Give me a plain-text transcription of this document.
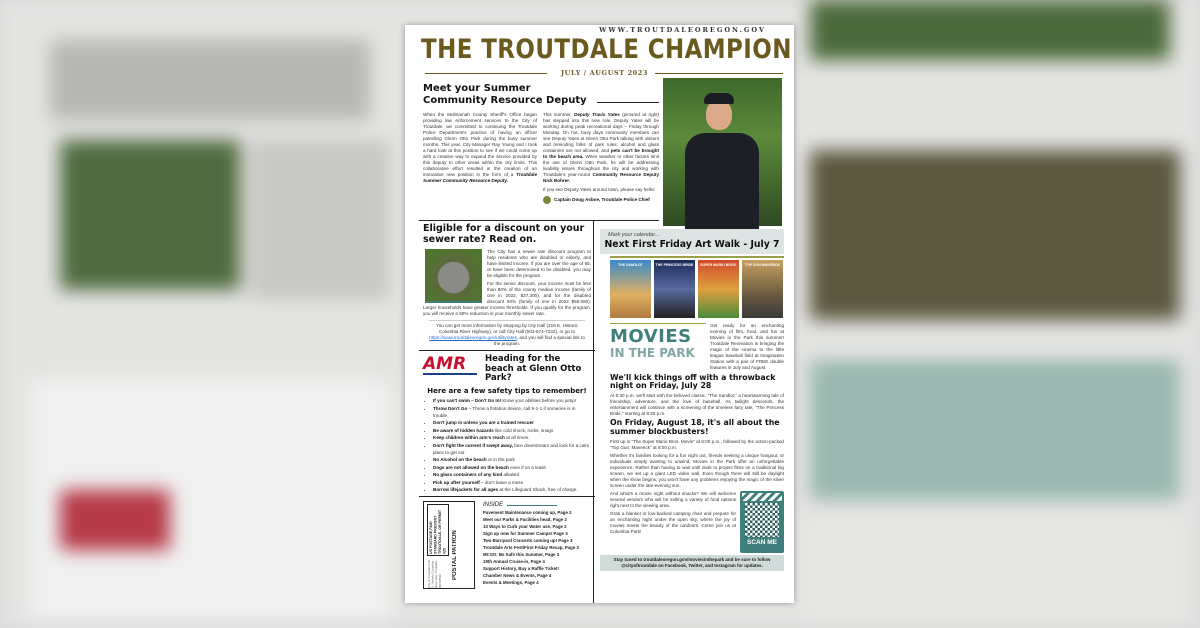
WWW.TROUTDALEOREGON.GOV
THE TROUTDALE CHAMPION
JULY / AUGUST 2023
Meet your Summer Community Resource Deputy
When the Multnomah County Sheriff's Office began providing law enforcement services to the City of Troutdale, we committed to continuing the Troutdale Police Department's practice of having an officer patrolling Glenn Otto Park during the busy summer months. This year, City Manager Ray Young and I took a hard look at this position to see if we could come up with a creative way to expand the service provided by this deputy to other areas within the city limits. This collaborative effort resulted in the creation of an innovative new position in the form of a Troutdale Summer Community Resource Deputy.
This summer, Deputy Travis Yates (pictured at right) has stepped into this new role. Deputy Yates will be working during peak recreational days – Friday through Monday. On hot, busy days community members can see Deputy Yates at Glenn Otto Park talking with visitors and reminding folks of park rules: alcohol and glass containers are not allowed, and pets can't be brought to the beach area. When weather or other factors limit the use of Glenn Otto Park, he will be addressing livability issues throughout the city and working with Troutdale's year-round Community Resource Deputy Nick Bohrer.
If you see Deputy Yates around town, please say hello!
Captain Doug Asboe, Troutdale Police Chief
Eligible for a discount on your sewer rate? Read on.
The City has a sewer rate discount program to help residents who are disabled or elderly, and have limited income. If you are over the age of 65, or have been determined to be disabled, you may be eligible for the program.
For the senior discount, your income must be less than 80% of the county median income (family of one in 2022, $37,300), and for the disabled discount 50% (family of one in 2022 $59,680). Larger households have greater income thresholds. If you qualify for the program, you will receive a 50% reduction in your monthly sewer rate.
You can get more information by stopping by City Hall (219 E. Historic Columbia River Highway), or call City Hall (503-674-7232), or go to https://www.troutdaleoregon.gov/utilityrates, and you will find a special link to the program.
AMR	Heading for the beach at Glenn Otto Park?
Here are a few safety tips to remember!
• If you can't swim – Don't Go In! Know your abilities before you jump!
• Throw Don't Go – Throw a flotation device, call 9-1-1 if someone is in trouble.
• Don't jump in unless you are a trained rescuer
• Be aware of hidden hazards like cold shock, rocks, snags
• Keep children within arm's reach at all times.
• Don't fight the current if swept away, face downstream and look for a calm place to get out
• No Alcohol on the beach or in the park
• Dogs are not allowed on the beach even if on a leash
• No glass containers of any kind allowed
• Pick up after yourself – don't leave a mess
• Borrow lifejackets for all ages at the Lifeguard Shack, free of charge.
US POSTAGE PAID STANDARD PRESORT TROUTDALE, OR PERMIT 025
City of Troutdale 219 E. Historic Columbia River Hwy Troutdale, OR 97060
POSTAL PATRON
INSIDE
Pavement Maintenance coming up, Page 2
Meet our Parks & Facilities head, Page 2
10 Ways to Curb your Water use, Page 2
Sign up now for Summer Camps! Page 3
Two Barnyard Concerts coming up! Page 3
Troutdale Arts Fest/First Friday Recap, Page 3
MCSO: Be Safe this Summer, Page 3
19th Annual Cruise-in, Page 4
Support History, Buy a Raffle Ticket!
Chamber News & Events, Page 4
Events & Meetings, Page 4
Mark your calendar...
Next First Friday Art Walk - July 7
THE SANDLOT	THE PRINCESS BRIDE	SUPER MARIO BROS.	TOP GUN MAVERICK
MOVIES
IN THE PARK
Get ready for an enchanting evening of film, food, and fun at Movies in the Park this summer! Troutdale Recreation is bringing the magic of the cinema to the little league baseball field at Imagination Station with a pair of FREE double features in July and August.
We'll kick things off with a throwback night on Friday, July 28
At 6:30 p.m. we'll start with the beloved classic, "The Sandlot," a heartwarming tale of friendship, adventure, and the love of baseball. As twilight descends, the entertainment will continue with a screening of the timeless fairy tale, "The Princess Bride," starting at 8:30 p.m.
On Friday, August 18, it's all about the summer blockbusters!
First up is "The Super Mario Bros. Movie" at 6:00 p.m., followed by the action-packed "Top Gun: Maverick" at 8:00 p.m.
Whether it's families looking for a fun night out, friends seeking a unique hangout, or individuals simply wanting to unwind, Movies in the Park offer an unforgettable experience. Rather than having to wait until dusk to project films on a traditional big screen, we set up a giant LED video wall. Even though there will still be daylight when the show begins, you won't have any problems enjoying the magic of the silver screen under the late-evening sun.
And what's a movie night without snacks? We will welcome several vendors who will be selling a variety of food options right next to the viewing area.
Grab a blanket or low-backed camping chair and prepare for an enchanting night under the open sky, where the joy of movies meets the beauty of the outdoors. Come join us at Columbia Park!
SCAN ME
Stay tuned to troutdaleoregon.gov/moviesinthepark and be sure to follow @cityoftroutdale on Facebook, Twitter, and Instagram for updates.
